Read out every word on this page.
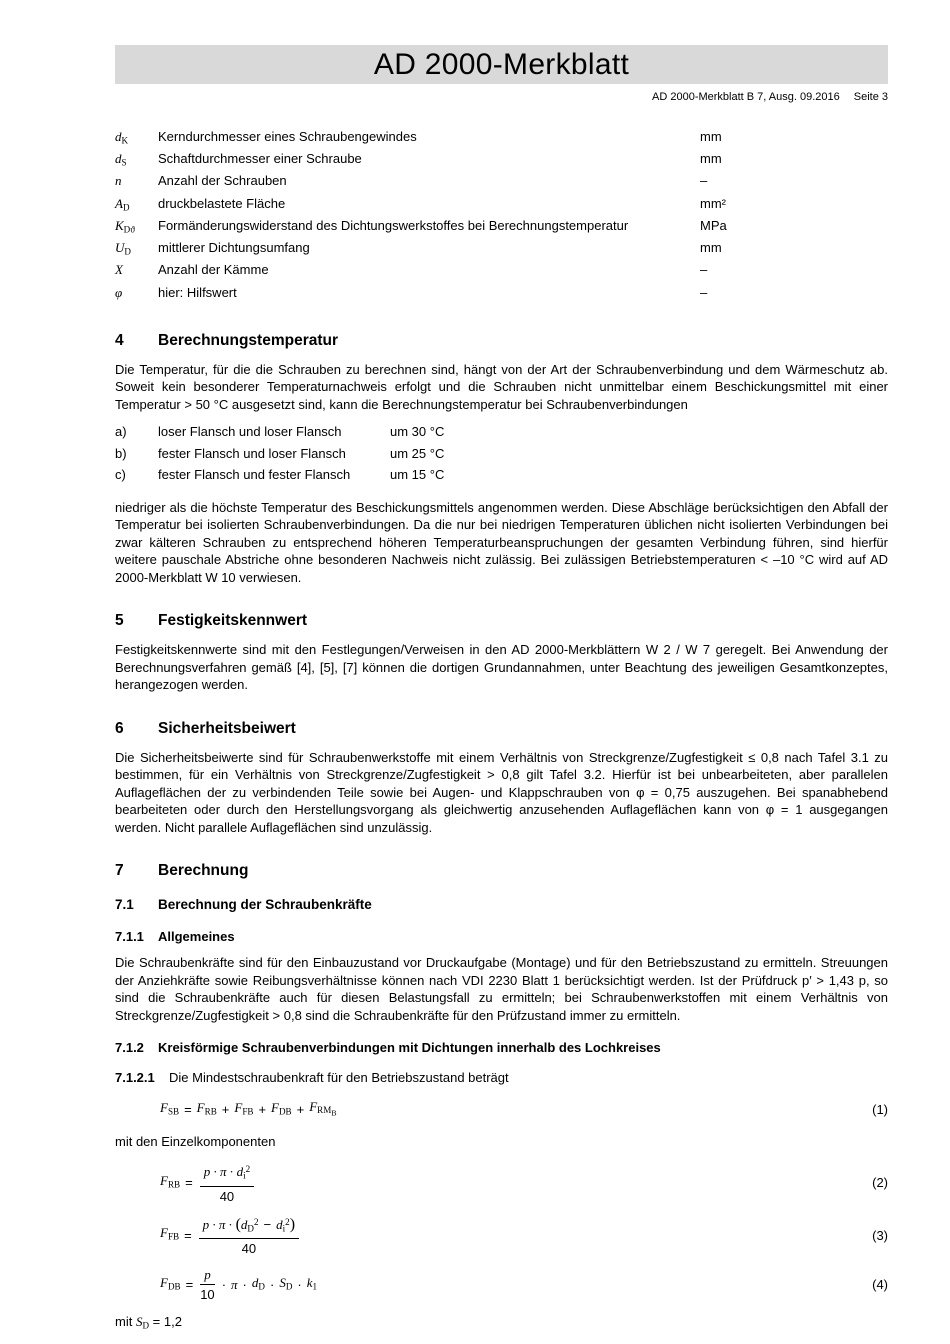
AD 2000-Merkblatt
AD 2000-Merkblatt B 7, Ausg. 09.2016 Seite 3
$d_K$	Kerndurchmesser eines Schraubengewindes	mm
$d_S$	Schaftdurchmesser einer Schraube	mm
n	Anzahl der Schrauben	–
$A_D$	druckbelastete Fläche	mm²
$K_{Dϑ}$	Formänderungswiderstand des Dichtungswerkstoffes bei Berechnungstemperatur	MPa
$U_D$	mittlerer Dichtungsumfang	mm
X	Anzahl der Kämme	–
φ	hier: Hilfswert	–
4 Berechnungstemperatur

Die Temperatur, für die die Schrauben zu berechnen sind, hängt von der Art der Schraubenverbindung und dem Wärmeschutz ab. Soweit kein besonderer Temperaturnachweis erfolgt und die Schrauben nicht unmittelbar einem Beschickungsmittel mit einer Temperatur > 50 °C ausgesetzt sind, kann die Berechnungstemperatur bei Schraubenverbindungen

a)	loser Flansch und loser Flansch	um 30 °C
b)	fester Flansch und loser Flansch	um 25 °C
c)	fester Flansch und fester Flansch	um 15 °C

niedriger als die höchste Temperatur des Beschickungsmittels angenommen werden. Diese Abschläge berücksichtigen den Abfall der Temperatur bei isolierten Schraubenverbindungen. Da die nur bei niedrigen Temperaturen üblichen nicht isolierten Verbindungen bei zwar kälteren Schrauben zu entsprechend höheren Temperaturbeanspruchungen der gesamten Verbindung führen, sind hierfür weitere pauschale Abstriche ohne besonderen Nachweis nicht zulässig. Bei zulässigen Betriebstemperaturen < –10 °C wird auf AD 2000-Merkblatt W 10 verwiesen.

5 Festigkeitskennwert

Festigkeitskennwerte sind mit den Festlegungen/Verweisen in den AD 2000-Merkblättern W 2 / W 7 geregelt. Bei Anwendung der Berechnungsverfahren gemäß [4], [5], [7] können die dortigen Grundannahmen, unter Beachtung des jeweiligen Gesamtkonzeptes, herangezogen werden.

6 Sicherheitsbeiwert

Die Sicherheitsbeiwerte sind für Schraubenwerkstoffe mit einem Verhältnis von Streckgrenze/Zugfestigkeit ≤ 0,8 nach Tafel 3.1 zu bestimmen, für ein Verhältnis von Streckgrenze/Zugfestigkeit > 0,8 gilt Tafel 3.2. Hierfür ist bei unbearbeiteten, aber parallelen Auflageflächen der zu verbindenden Teile sowie bei Augen- und Klappschrauben von φ = 0,75 auszugehen. Bei spanabhebend bearbeiteten oder durch den Herstellungsvorgang als gleichwertig anzusehenden Auflageflächen kann von φ = 1 ausgegangen werden. Nicht parallele Auflageflächen sind unzulässig.

7 Berechnung
7.1 Berechnung der Schraubenkräfte
7.1.1 Allgemeines

Die Schraubenkräfte sind für den Einbauzustand vor Druckaufgabe (Montage) und für den Betriebszustand zu ermitteln. Streuungen der Anziehkräfte sowie Reibungsverhältnisse können nach VDI 2230 Blatt 1 berücksichtigt werden. Ist der Prüfdruck p′ > 1,43 p, so sind die Schraubenkräfte auch für diesen Belastungsfall zu ermitteln; bei Schraubenwerkstoffen mit einem Verhältnis von Streckgrenze/Zugfestigkeit > 0,8 sind die Schraubenkräfte für den Prüfzustand immer zu ermitteln.

7.1.2 Kreisförmige Schraubenverbindungen mit Dichtungen innerhalb des Lochkreises
7.1.2.1 Die Mindestschraubenkraft für den Betriebszustand beträgt
$F_{SB} = F_{RB} + F_{FB} + F_{DB} + F_{RM_B}$	(1)

mit den Einzelkomponenten

$F_{RB} = \frac{p \cdot \pi \cdot d_i^2}{40}$	(2)
$F_{FB} = \frac{p \cdot \pi \cdot (d_D^2 - d_i^2)}{40}$	(3)
$F_{DB} = \frac{p}{10} \cdot \pi \cdot d_D \cdot S_D \cdot k_1$	(4)

mit $S_D = 1,2$
